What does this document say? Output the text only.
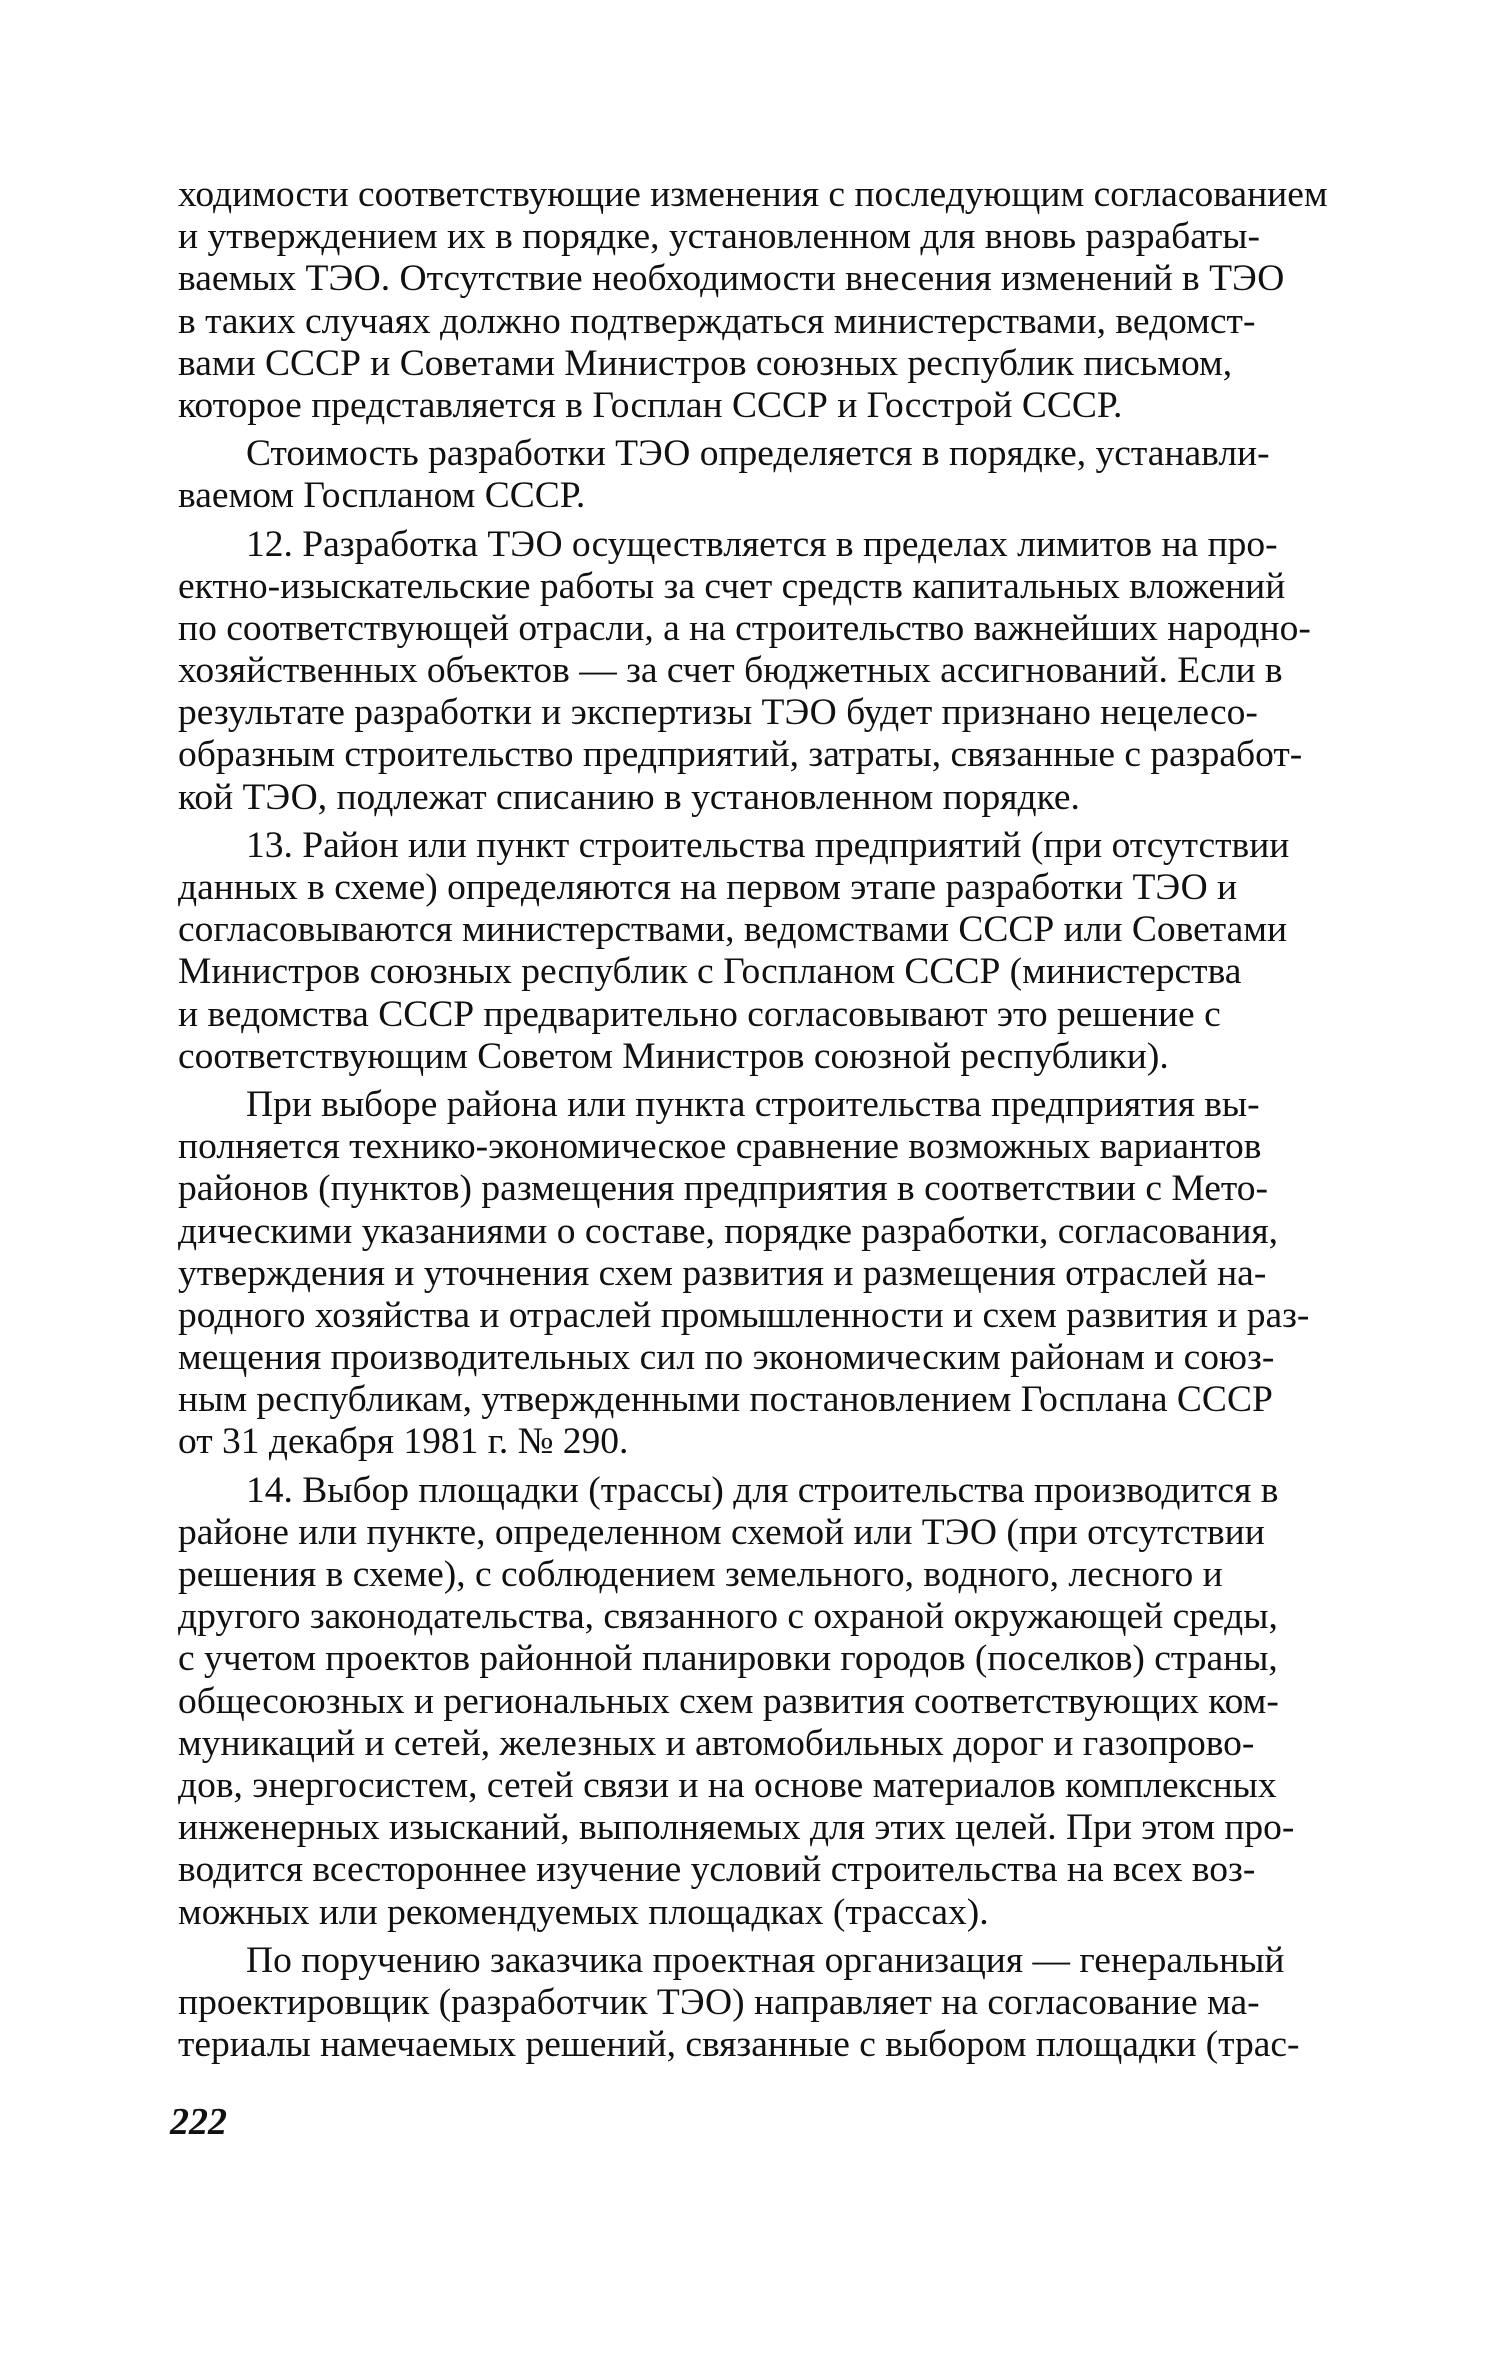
ходимости соответствующие изменения с последующим согласованием
и утверждением их в порядке, установленном для вновь разрабаты-
ваемых ТЭО. Отсутствие необходимости внесения изменений в ТЭО
в таких случаях должно подтверждаться министерствами, ведомст-
вами СССР и Советами Министров союзных республик письмом,
которое представляется в Госплан СССР и Госстрой СССР.
Стоимость разработки ТЭО определяется в порядке, устанавли-
ваемом Госпланом СССР.
12. Разработка ТЭО осуществляется в пределах лимитов на про-
ектно-изыскательские работы за счет средств капитальных вложений
по соответствующей отрасли, а на строительство важнейших народно-
хозяйственных объектов — за счет бюджетных ассигнований. Если в
результате разработки и экспертизы ТЭО будет признано нецелесо-
образным строительство предприятий, затраты, связанные с разработ-
кой ТЭО, подлежат списанию в установленном порядке.
13. Район или пункт строительства предприятий (при отсутствии
данных в схеме) определяются на первом этапе разработки ТЭО и
согласовываются министерствами, ведомствами СССР или Советами
Министров союзных республик с Госпланом СССР (министерства
и ведомства СССР предварительно согласовывают это решение с
соответствующим Советом Министров союзной республики).
При выборе района или пункта строительства предприятия вы-
полняется технико-экономическое сравнение возможных вариантов
районов (пунктов) размещения предприятия в соответствии с Мето-
дическими указаниями о составе, порядке разработки, согласования,
утверждения и уточнения схем развития и размещения отраслей на-
родного хозяйства и отраслей промышленности и схем развития и раз-
мещения производительных сил по экономическим районам и союз-
ным республикам, утвержденными постановлением Госплана СССР
от 31 декабря 1981 г. № 290.
14. Выбор площадки (трассы) для строительства производится в
районе или пункте, определенном схемой или ТЭО (при отсутствии
решения в схеме), с соблюдением земельного, водного, лесного и
другого законодательства, связанного с охраной окружающей среды,
с учетом проектов районной планировки городов (поселков) страны,
общесоюзных и региональных схем развития соответствующих ком-
муникаций и сетей, железных и автомобильных дорог и газопрово-
дов, энергосистем, сетей связи и на основе материалов комплексных
инженерных изысканий, выполняемых для этих целей. При этом про-
водится всестороннее изучение условий строительства на всех воз-
можных или рекомендуемых площадках (трассах).
По поручению заказчика проектная организация — генеральный
проектировщик (разработчик ТЭО) направляет на согласование ма-
териалы намечаемых решений, связанные с выбором площадки (трас-
222
